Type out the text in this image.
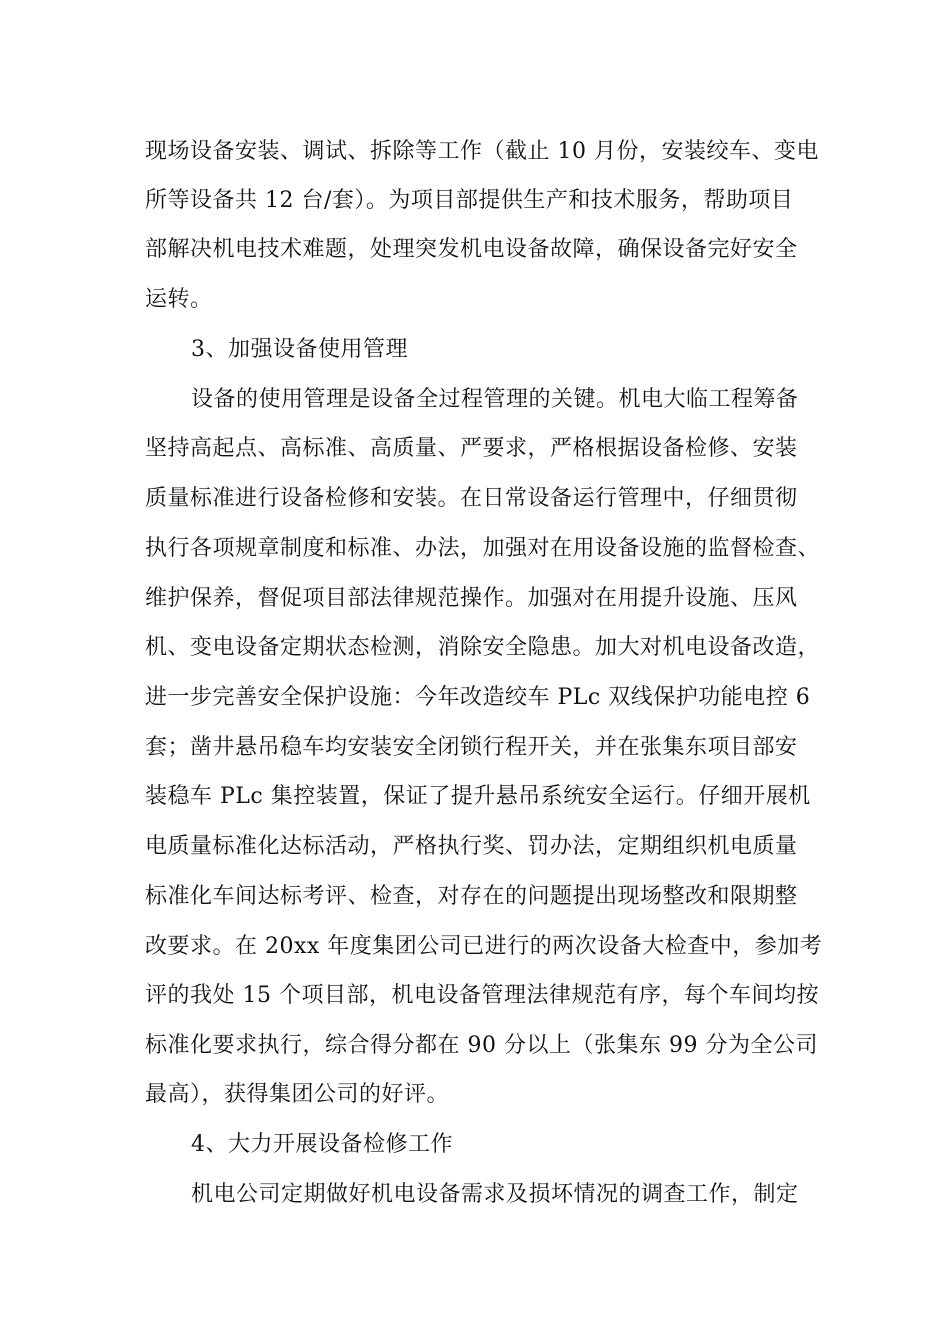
现场设备安装、调试、拆除等工作（截止 10 月份，安装绞车、变电
所等设备共 12 台/套）。为项目部提供生产和技术服务，帮助项目
部解决机电技术难题，处理突发机电设备故障，确保设备完好安全
运转。
3、加强设备使用管理
设备的使用管理是设备全过程管理的关键。机电大临工程筹备
坚持高起点、高标准、高质量、严要求，严格根据设备检修、安装
质量标准进行设备检修和安装。在日常设备运行管理中，仔细贯彻
执行各项规章制度和标准、办法，加强对在用设备设施的监督检查、
维护保养，督促项目部法律规范操作。加强对在用提升设施、压风
机、变电设备定期状态检测，消除安全隐患。加大对机电设备改造，
进一步完善安全保护设施：今年改造绞车 PLc 双线保护功能电控 6
套；凿井悬吊稳车均安装安全闭锁行程开关，并在张集东项目部安
装稳车 PLc 集控装置，保证了提升悬吊系统安全运行。仔细开展机
电质量标准化达标活动，严格执行奖、罚办法，定期组织机电质量
标准化车间达标考评、检查，对存在的问题提出现场整改和限期整
改要求。在 20xx 年度集团公司已进行的两次设备大检查中，参加考
评的我处 15 个项目部，机电设备管理法律规范有序，每个车间均按
标准化要求执行，综合得分都在 90 分以上（张集东 99 分为全公司
最高），获得集团公司的好评。
4、大力开展设备检修工作
机电公司定期做好机电设备需求及损坏情况的调查工作，制定
